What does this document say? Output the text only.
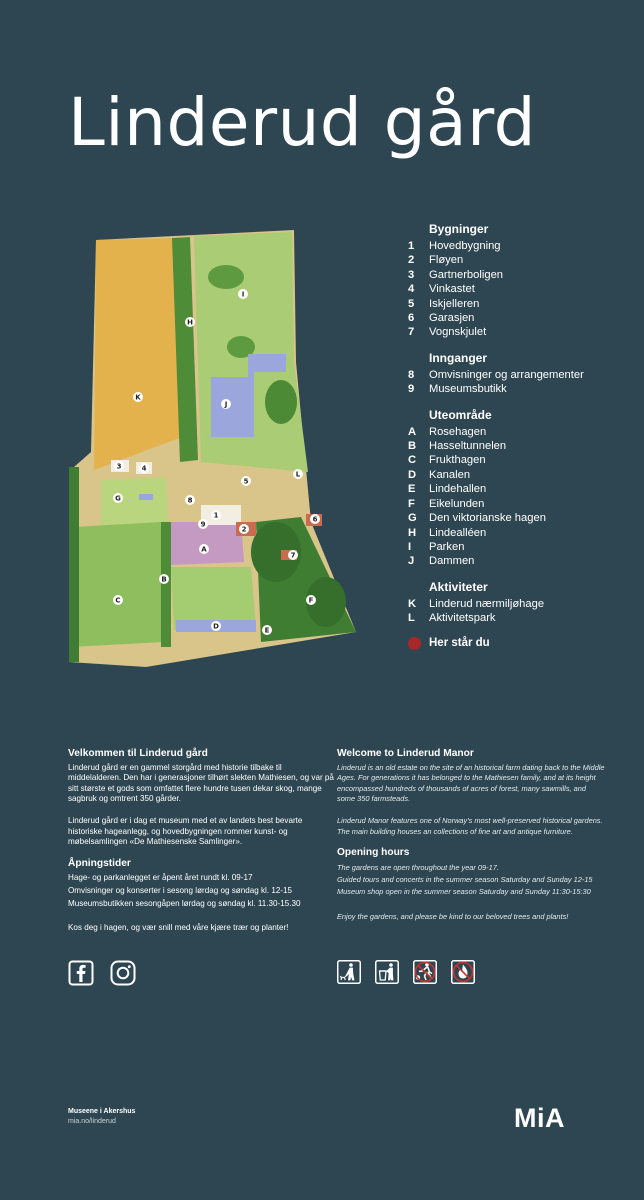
Linderud gård
I
H
K
J
L
5
3	4
G	8
1
9
2
6
A
7
B
C	F
D	E
Bygninger
1	Hovedbygning
2	Fløyen
3	Gartnerboligen
4	Vinkastet
5	Iskjelleren
6	Garasjen
7	Vognskjulet
Innganger
8	Omvisninger og arrangementer
9	Museumsbutikk
Uteområde
A	Rosehagen
B	Hasseltunnelen
C	Frukthagen
D	Kanalen
E	Lindehallen
F	Eikelunden
G	Den viktorianske hagen
H	Lindealléen
I	Parken
J	Dammen
Aktiviteter
K	Linderud nærmiljøhage
L	Aktivitetspark
Her står du
Velkommen til Linderud gård

Linderud gård er en gammel storgård med historie tilbake til middelalderen. Den har i generasjoner tilhørt slekten Mathiesen, og var på sitt største et gods som omfattet flere hundre tusen dekar skog, mange sagbruk og omtrent 350 gårder.

Linderud gård er i dag et museum med et av landets best bevarte historiske hageanlegg, og hovedbygningen rommer kunst- og møbelsamlingen «De Mathiesenske Samlinger».

Åpningstider
Hage- og parkanlegget er åpent året rundt kl. 09-17
Omvisninger og konserter i sesong lørdag og søndag kl. 12-15
Museumsbutikken sesongåpen lørdag og søndag kl. 11.30-15.30
Kos deg i hagen, og vær snill med våre kjære trær og planter!
Welcome to Linderud Manor

Linderud is an old estate on the site of an historical farm dating back to the Middle Ages. For generations it has belonged to the Mathiesen family, and at its height encompassed hundreds of thousands of acres of forest, many sawmills, and some 350 farmsteads.

Linderud Manor features one of Norway's most well-preserved historical gardens. The main building houses an collections of fine art and antique furniture.

Opening hours
The gardens are open throughout the year 09-17.
Guided tours and concerts in the summer season Saturday and Sunday 12-15
Museum shop open in the summer season Saturday and Sunday 11:30-15:30
Enjoy the gardens, and please be kind to our beloved trees and plants!
Museene i Akershus
mia.no/linderud	MiA
